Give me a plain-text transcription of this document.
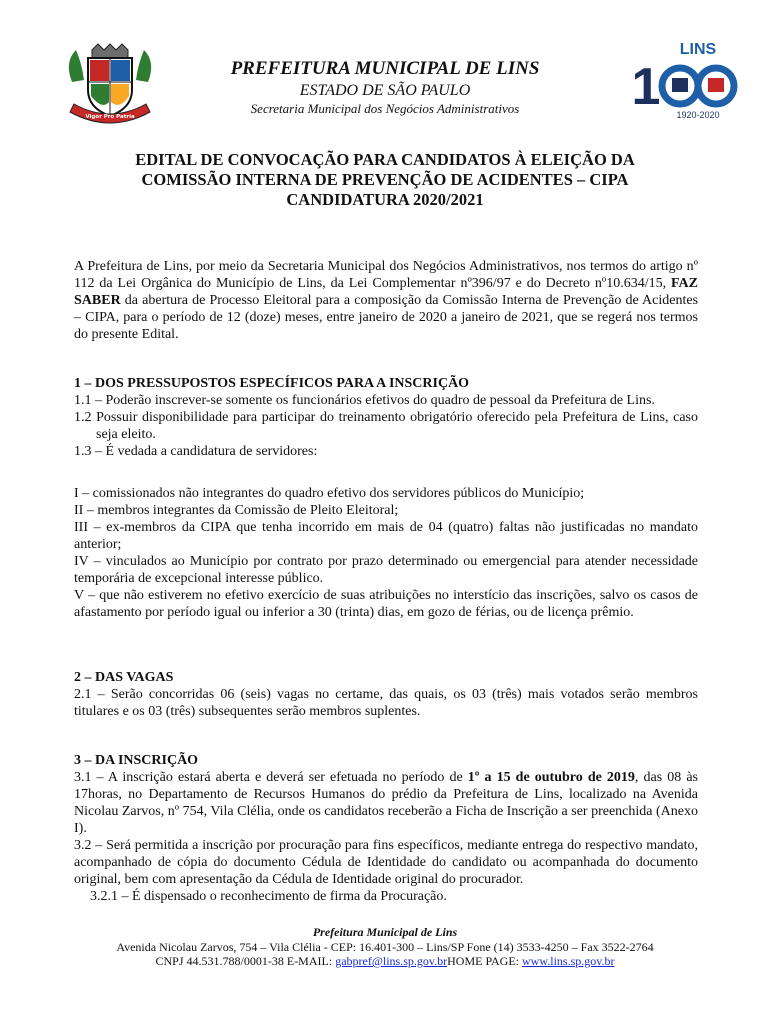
Vigor Pro Patria
PREFEITURA MUNICIPAL DE LINS
ESTADO DE SÃO PAULO
Secretaria Municipal dos Negócios Administrativos
LINS
1 1920-2020
EDITAL DE CONVOCAÇÃO PARA CANDIDATOS À ELEIÇÃO DA
COMISSÃO INTERNA DE PREVENÇÃO DE ACIDENTES – CIPA
CANDIDATURA 2020/2021
A Prefeitura de Lins, por meio da Secretaria Municipal dos Negócios Administrativos, nos termos do artigo nº 112 da Lei Orgânica do Município de Lins, da Lei Complementar nº396/97 e do Decreto nº10.634/15, FAZ SABER da abertura de Processo Eleitoral para a composição da Comissão Interna de Prevenção de Acidentes – CIPA, para o período de 12 (doze) meses, entre janeiro de 2020 a janeiro de 2021, que se regerá nos termos do presente Edital.

1 – DOS PRESSUPOSTOS ESPECÍFICOS PARA A INSCRIÇÃO

1.1 – Poderão inscrever-se somente os funcionários efetivos do quadro de pessoal da Prefeitura de Lins.

1.2 Possuir disponibilidade para participar do treinamento obrigatório oferecido pela Prefeitura de Lins, caso seja eleito.

1.3 – É vedada a candidatura de servidores:

I – comissionados não integrantes do quadro efetivo dos servidores públicos do Município;

II – membros integrantes da Comissão de Pleito Eleitoral;

III – ex-membros da CIPA que tenha incorrido em mais de 04 (quatro) faltas não justificadas no mandato anterior;

IV – vinculados ao Município por contrato por prazo determinado ou emergencial para atender necessidade temporária de excepcional interesse público.

V – que não estiverem no efetivo exercício de suas atribuições no interstício das inscrições, salvo os casos de afastamento por período igual ou inferior a 30 (trinta) dias, em gozo de férias, ou de licença prêmio.

2 – DAS VAGAS

2.1 – Serão concorridas 06 (seis) vagas no certame, das quais, os 03 (três) mais votados serão membros titulares e os 03 (três) subsequentes serão membros suplentes.

3 – DA INSCRIÇÃO

3.1 – A inscrição estará aberta e deverá ser efetuada no período de 1º a 15 de outubro de 2019, das 08 às 17horas, no Departamento de Recursos Humanos do prédio da Prefeitura de Lins, localizado na Avenida Nicolau Zarvos, nº 754, Vila Clélia, onde os candidatos receberão a Ficha de Inscrição a ser preenchida (Anexo I).

3.2 – Será permitida a inscrição por procuração para fins específicos, mediante entrega do respectivo mandato, acompanhado de cópia do documento Cédula de Identidade do candidato ou acompanhada do documento original, bem com apresentação da Cédula de Identidade original do procurador.

3.2.1 – É dispensado o reconhecimento de firma da Procuração.

Prefeitura Municipal de Lins
Avenida Nicolau Zarvos, 754 – Vila Clélia - CEP: 16.401-300 – Lins/SP Fone (14) 3533-4250 – Fax 3522-2764
CNPJ 44.531.788/0001-38 E-MAIL: gabpref@lins.sp.gov.brHOME PAGE: www.lins.sp.gov.br
